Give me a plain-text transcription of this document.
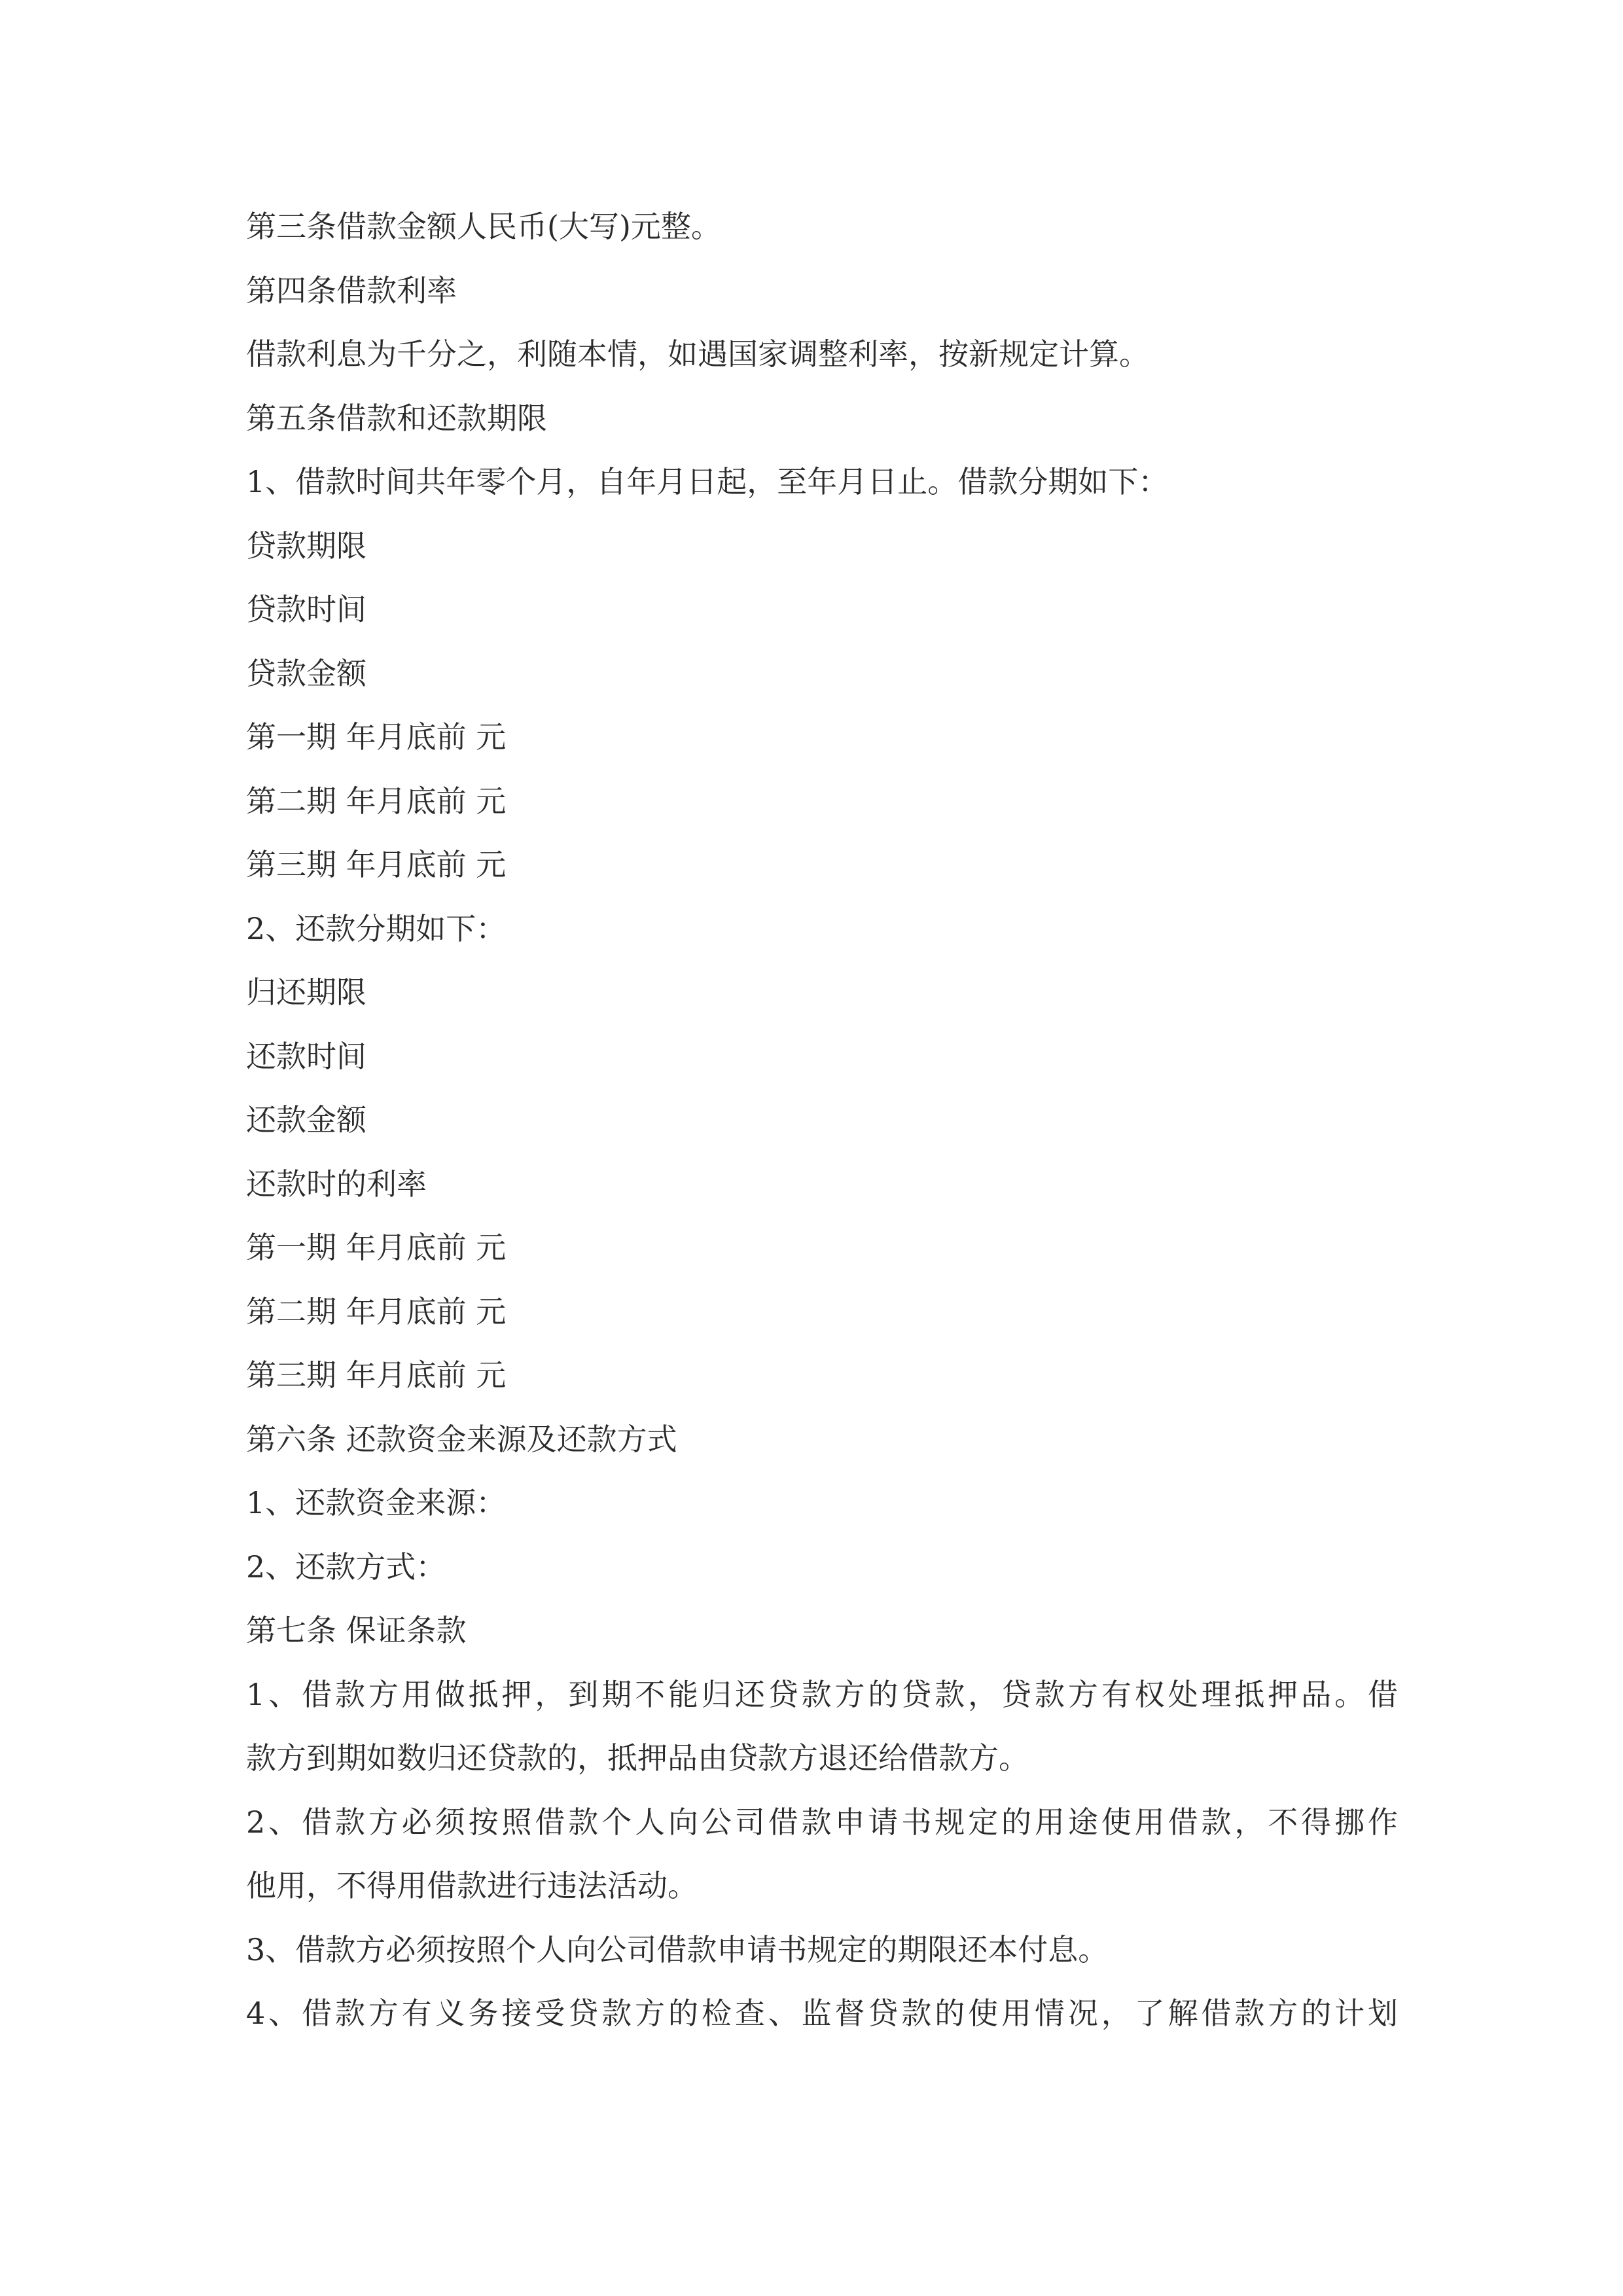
第三条借款金额人民币(大写)元整。
第四条借款利率
借款利息为千分之，利随本情，如遇国家调整利率，按新规定计算。
第五条借款和还款期限
1、借款时间共年零个月，自年月日起，至年月日止。借款分期如下：
贷款期限
贷款时间
贷款金额
第一期 年月底前 元
第二期 年月底前 元
第三期 年月底前 元
2、还款分期如下：
归还期限
还款时间
还款金额
还款时的利率
第一期 年月底前 元
第二期 年月底前 元
第三期 年月底前 元
第六条 还款资金来源及还款方式
1、还款资金来源：
2、还款方式：
第七条 保证条款
1、借款方用做抵押，到期不能归还贷款方的贷款，贷款方有权处理抵押品。借
款方到期如数归还贷款的，抵押品由贷款方退还给借款方。
2、借款方必须按照借款个人向公司借款申请书规定的用途使用借款，不得挪作
他用，不得用借款进行违法活动。
3、借款方必须按照个人向公司借款申请书规定的期限还本付息。
4、借款方有义务接受贷款方的检查、监督贷款的使用情况，了解借款方的计划
